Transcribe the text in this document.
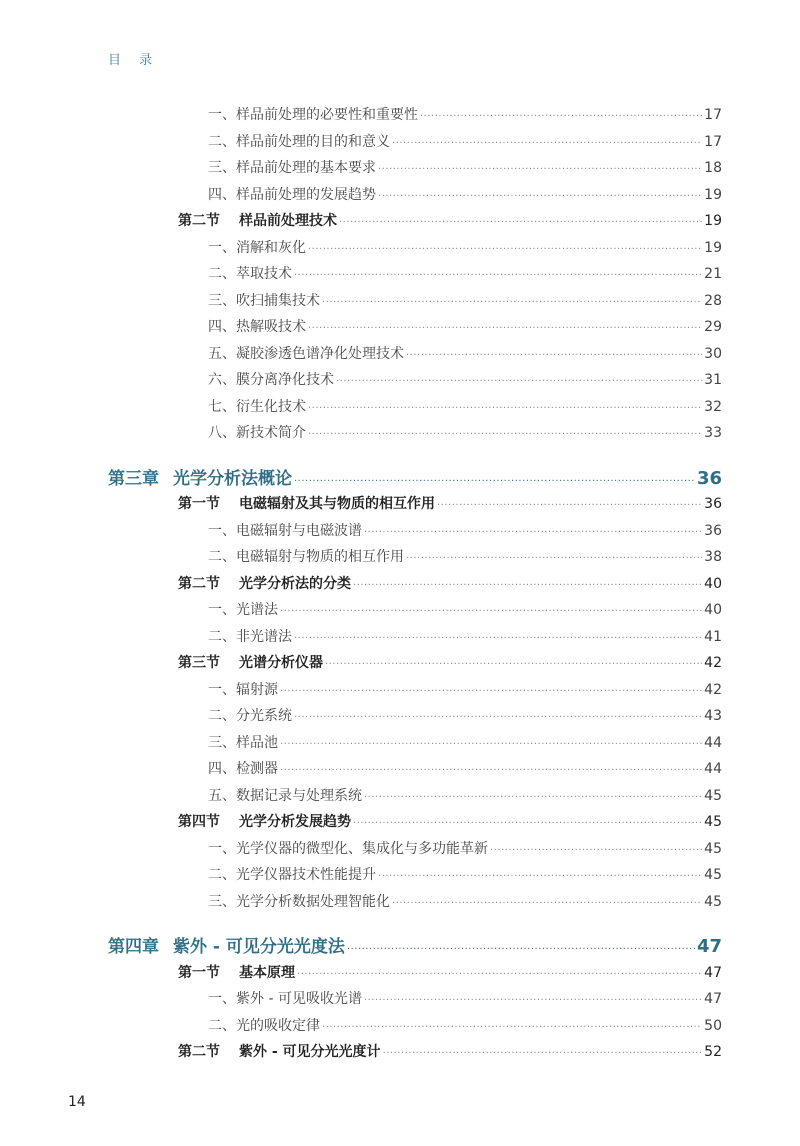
目 录
一、样品前处理的必要性和重要性 ·····	17
二、样品前处理的目的和意义 ·····	17
三、样品前处理的基本要求 ·····	18
四、样品前处理的发展趋势 ·····	19
第二节 样品前处理技术 ·····	19
一、消解和灰化 ·····	19
二、萃取技术 ·····	21
三、吹扫捕集技术 ·····	28
四、热解吸技术 ·····	29
五、凝胶渗透色谱净化处理技术 ·····	30
六、膜分离净化技术 ·····	31
七、衍生化技术 ·····	32
八、新技术简介 ·····	33
第三章 光学分析法概论 ·····	36
第一节 电磁辐射及其与物质的相互作用 ·····	36
一、电磁辐射与电磁波谱 ·····	36
二、电磁辐射与物质的相互作用 ·····	38
第二节 光学分析法的分类 ·····	40
一、光谱法 ·····	40
二、非光谱法 ·····	41
第三节 光谱分析仪器 ·····	42
一、辐射源 ·····	42
二、分光系统 ·····	43
三、样品池 ·····	44
四、检测器 ·····	44
五、数据记录与处理系统 ·····	45
第四节 光学分析发展趋势 ·····	45
一、光学仪器的微型化、集成化与多功能革新 ·····	45
二、光学仪器技术性能提升 ·····	45
三、光学分析数据处理智能化 ·····	45
第四章 紫外 - 可见分光光度法 ·····	47
第一节 基本原理 ·····	47
一、紫外 - 可见吸收光谱 ·····	47
二、光的吸收定律 ·····	50
第二节 紫外 - 可见分光光度计 ·····	52
14
